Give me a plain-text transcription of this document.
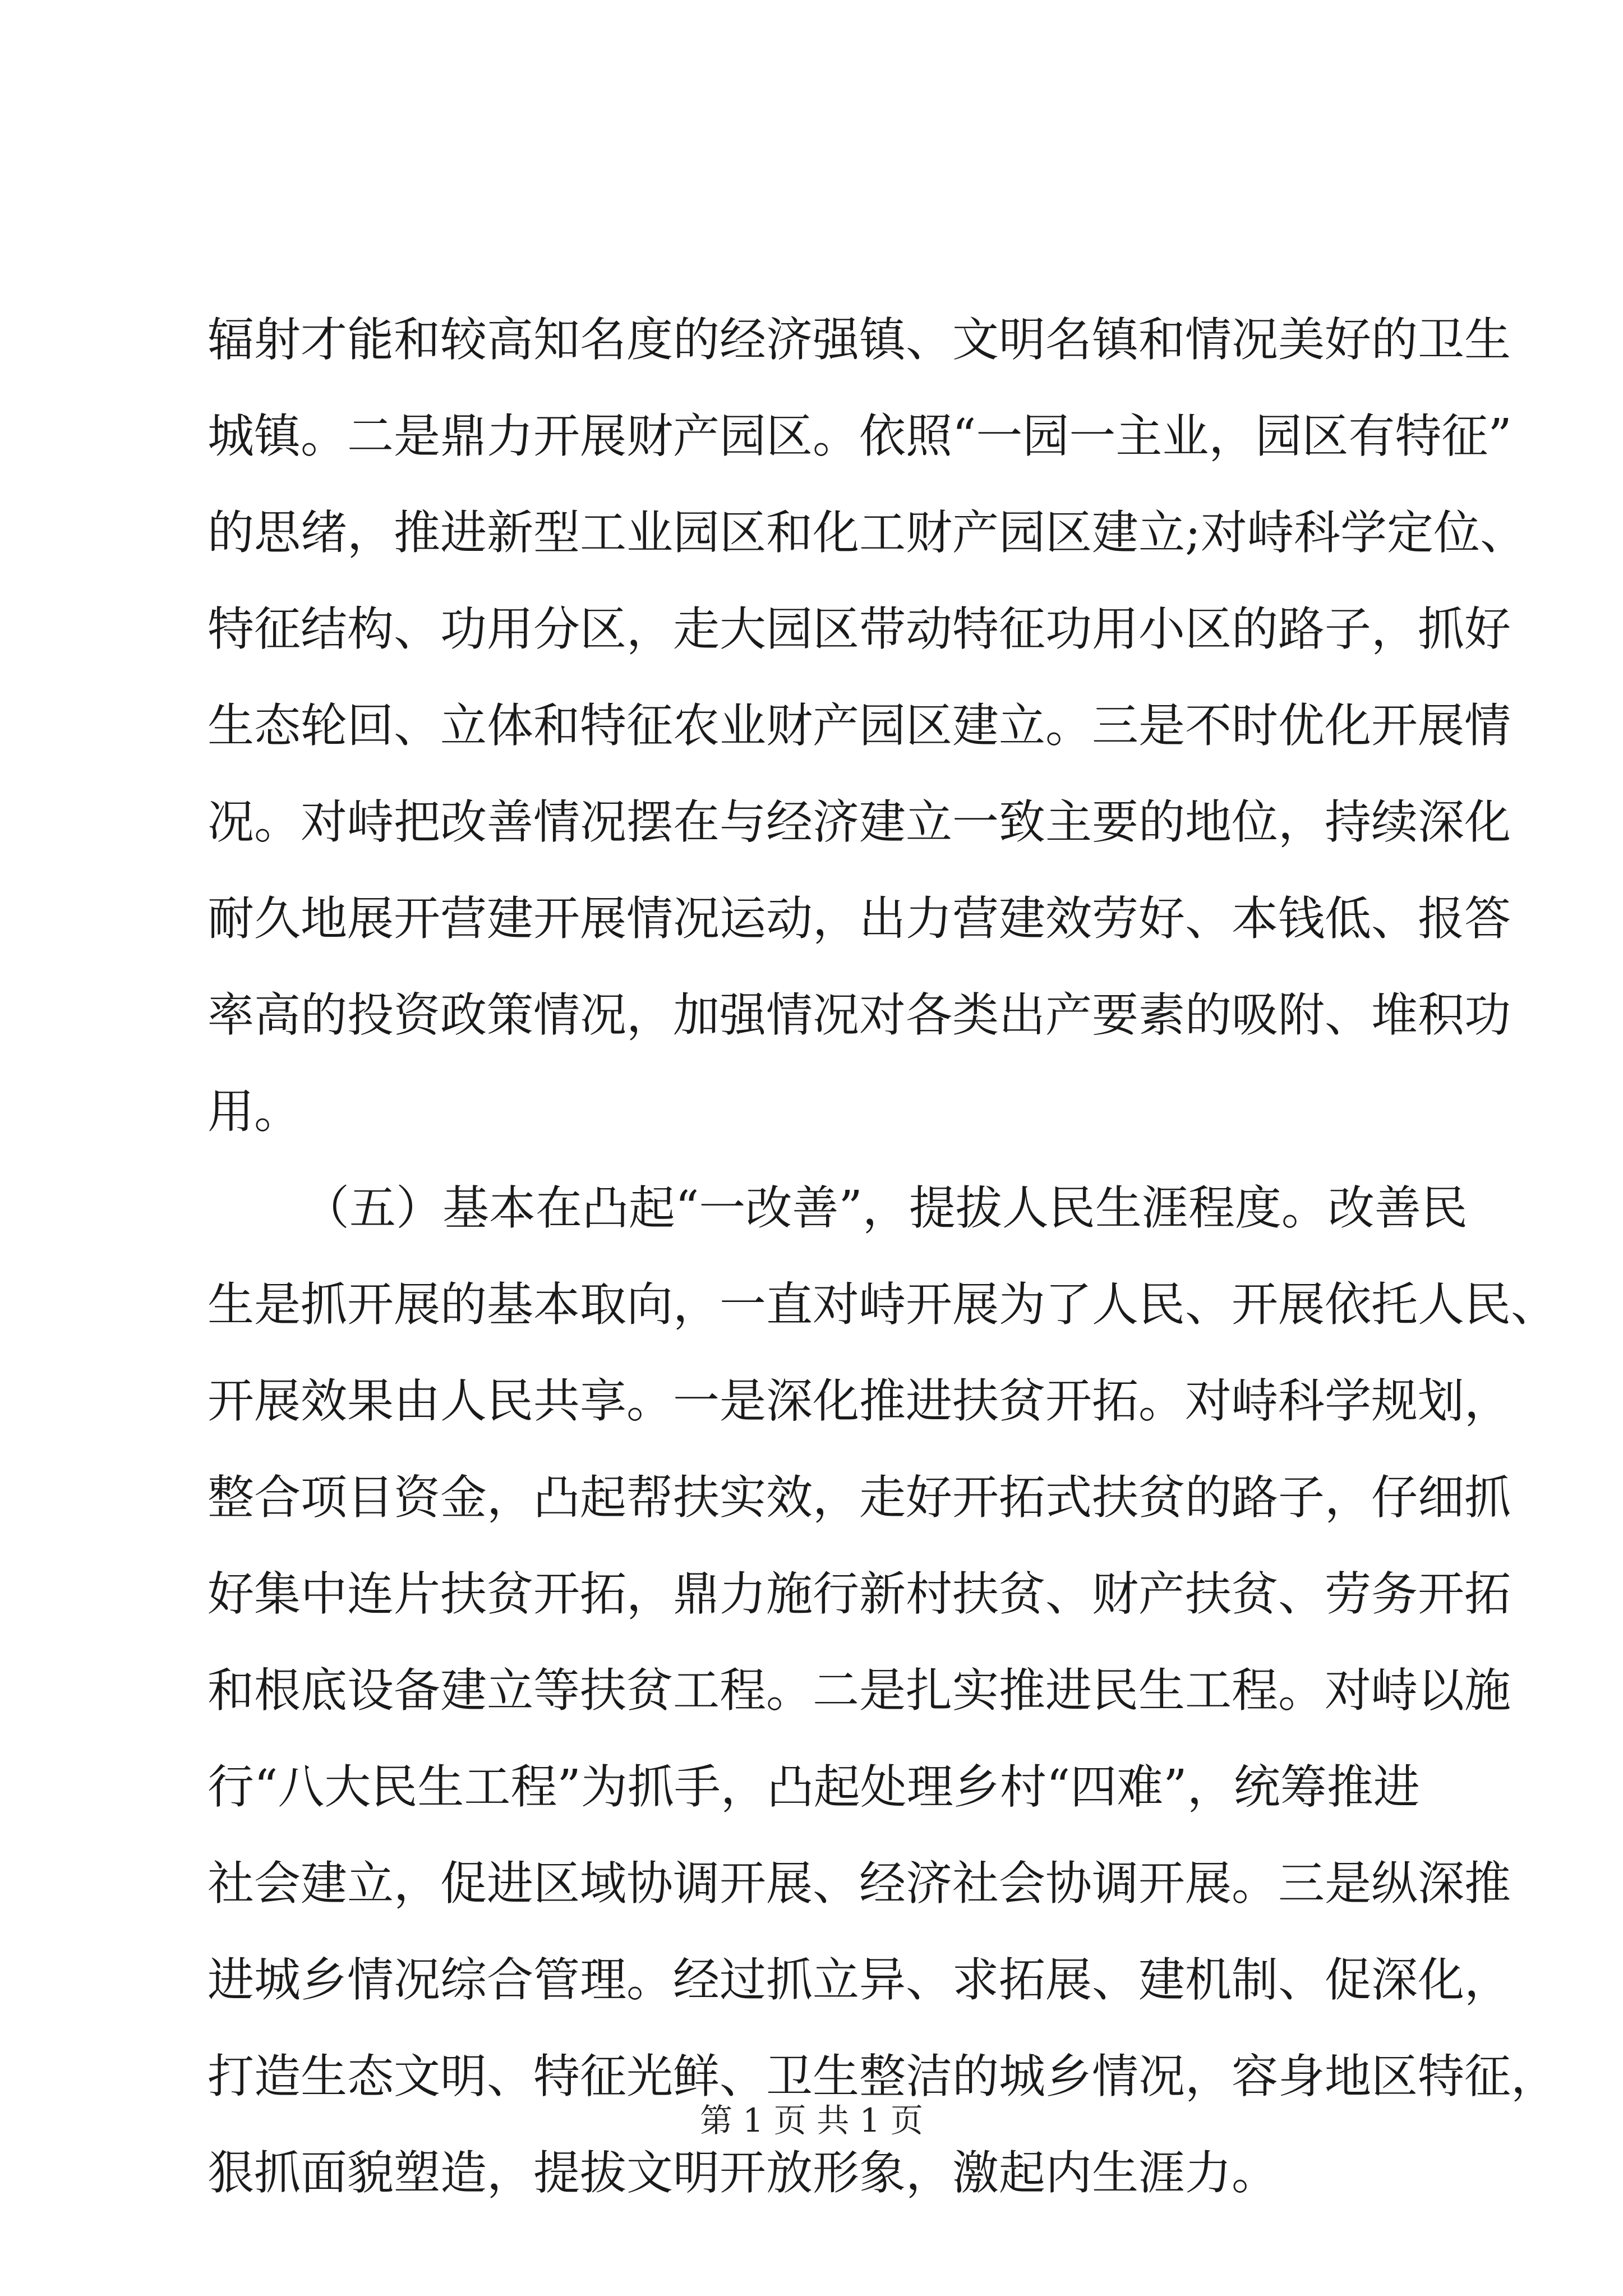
辐射才能和较高知名度的经济强镇、文明名镇和情况美好的卫生
城镇。二是鼎力开展财产园区。依照“一园一主业，园区有特征”
的思绪，推进新型工业园区和化工财产园区建立;对峙科学定位、
特征结构、功用分区，走大园区带动特征功用小区的路子，抓好
生态轮回、立体和特征农业财产园区建立。三是不时优化开展情
况。对峙把改善情况摆在与经济建立一致主要的地位，持续深化
耐久地展开营建开展情况运动，出力营建效劳好、本钱低、报答
率高的投资政策情况，加强情况对各类出产要素的吸附、堆积功
用。
（五）基本在凸起“一改善”，提拔人民生涯程度。改善民
生是抓开展的基本取向，一直对峙开展为了人民、开展依托人民、
开展效果由人民共享。一是深化推进扶贫开拓。对峙科学规划，
整合项目资金，凸起帮扶实效，走好开拓式扶贫的路子，仔细抓
好集中连片扶贫开拓，鼎力施行新村扶贫、财产扶贫、劳务开拓
和根底设备建立等扶贫工程。二是扎实推进民生工程。对峙以施
行“八大民生工程”为抓手，凸起处理乡村“四难”，统筹推进
社会建立，促进区域协调开展、经济社会协调开展。三是纵深推
进城乡情况综合管理。经过抓立异、求拓展、建机制、促深化，
打造生态文明、特征光鲜、卫生整洁的城乡情况，容身地区特征，
狠抓面貌塑造，提拔文明开放形象，激起内生涯力。
第 1 页 共 1 页
